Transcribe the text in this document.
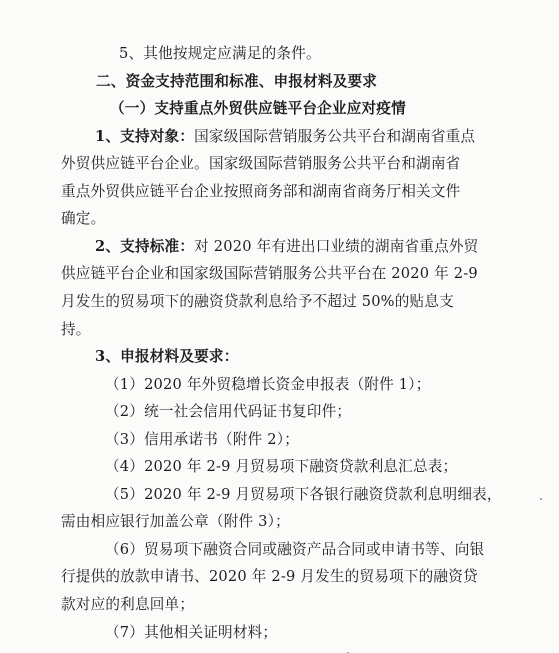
5、其他按规定应满足的条件。
二、资金支持范围和标准、申报材料及要求
（一）支持重点外贸供应链平台企业应对疫情
1、支持对象：国家级国际营销服务公共平台和湖南省重点
外贸供应链平台企业。国家级国际营销服务公共平台和湖南省
重点外贸供应链平台企业按照商务部和湖南省商务厅相关文件
确定。
2、支持标准：对 2020 年有进出口业绩的湖南省重点外贸
供应链平台企业和国家级国际营销服务公共平台在 2020 年 2-9
月发生的贸易项下的融资贷款利息给予不超过 50%的贴息支
持。
3、申报材料及要求：
（1）2020 年外贸稳增长资金申报表（附件 1）；
（2）统一社会信用代码证书复印件；
（3）信用承诺书（附件 2）；
（4）2020 年 2-9 月贸易项下融资贷款利息汇总表；
（5）2020 年 2-9 月贸易项下各银行融资贷款利息明细表，
需由相应银行加盖公章（附件 3）；
（6）贸易项下融资合同或融资产品合同或申请书等、向银
行提供的放款申请书、2020 年 2-9 月发生的贸易项下的融资贷
款对应的利息回单；
（7）其他相关证明材料；
